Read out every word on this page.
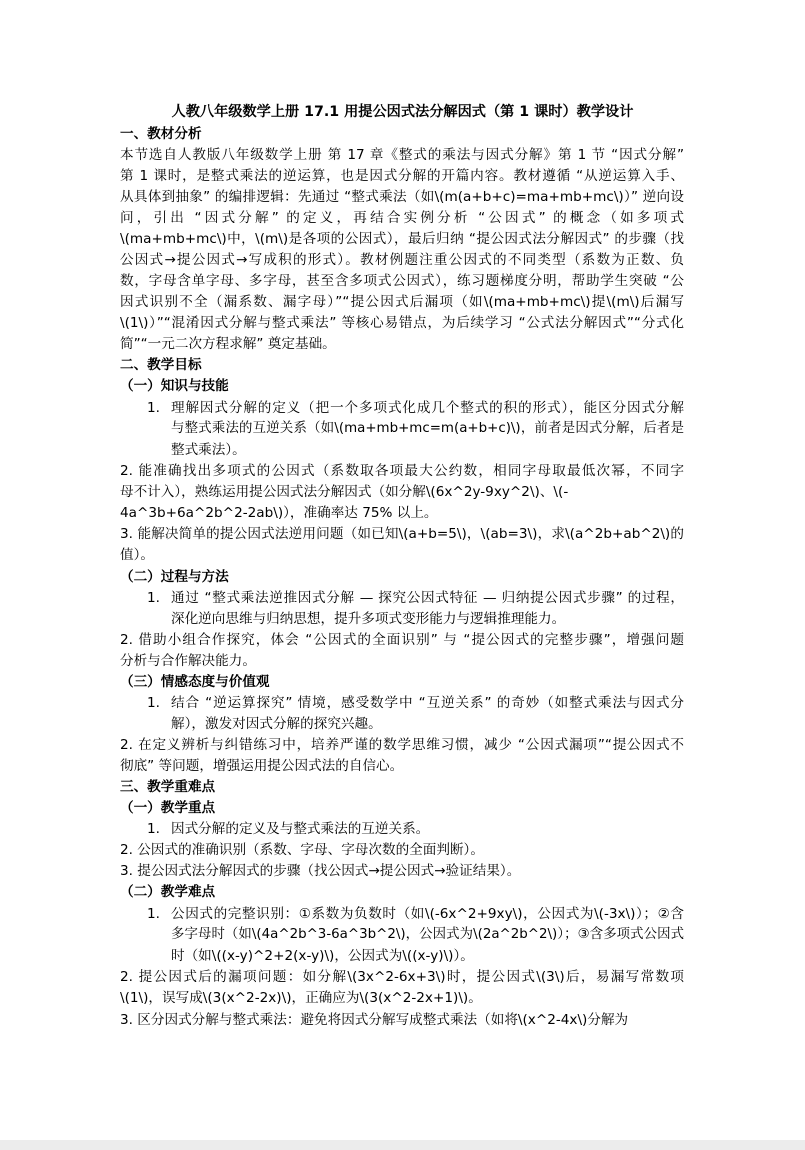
人教八年级数学上册 17.1 用提公因式法分解因式（第 1 课时）教学设计
一、教材分析
本节选自人教版八年级数学上册 第 17 章《整式的乘法与因式分解》第 1 节 “因式分解”
第 1 课时，是整式乘法的逆运算，也是因式分解的开篇内容。教材遵循 “从逆运算入手、
从具体到抽象” 的编排逻辑：先通过 “整式乘法（如\(m(a+b+c)=ma+mb+mc\)）” 逆向设
问，引出 “因式分解” 的定义，再结合实例分析 “公因式” 的概念（如多项式
\(ma+mb+mc\)中，\(m\)是各项的公因式），最后归纳 “提公因式法分解因式” 的步骤（找
公因式→提公因式→写成积的形式）。教材例题注重公因式的不同类型（系数为正数、负
数，字母含单字母、多字母，甚至含多项式公因式），练习题梯度分明，帮助学生突破 “公
因式识别不全（漏系数、漏字母）”“提公因式后漏项（如\(ma+mb+mc\)提\(m\)后漏写
\(1\)）”“混淆因式分解与整式乘法” 等核心易错点，为后续学习 “公式法分解因式”“分式化
简”“一元二次方程求解” 奠定基础。
二、教学目标
（一）知识与技能
1. 理解因式分解的定义（把一个多项式化成几个整式的积的形式），能区分因式分解
与整式乘法的互逆关系（如\(ma+mb+mc=m(a+b+c)\)，前者是因式分解，后者是
整式乘法）。
2. 能准确找出多项式的公因式（系数取各项最大公约数，相同字母取最低次幂，不同字
母不计入），熟练运用提公因式法分解因式（如分解\(6x^2y-9xy^2\)、\(-
4a^3b+6a^2b^2-2ab\)），准确率达 75% 以上。
3. 能解决简单的提公因式法逆用问题（如已知\(a+b=5\)，\(ab=3\)，求\(a^2b+ab^2\)的
值）。
（二）过程与方法
1. 通过 “整式乘法逆推因式分解 — 探究公因式特征 — 归纳提公因式步骤” 的过程，
深化逆向思维与归纳思想，提升多项式变形能力与逻辑推理能力。
2. 借助小组合作探究，体会 “公因式的全面识别” 与 “提公因式的完整步骤”，增强问题
分析与合作解决能力。
（三）情感态度与价值观
1. 结合 “逆运算探究” 情境，感受数学中 “互逆关系” 的奇妙（如整式乘法与因式分
解），激发对因式分解的探究兴趣。
2. 在定义辨析与纠错练习中，培养严谨的数学思维习惯，减少 “公因式漏项”“提公因式不
彻底” 等问题，增强运用提公因式法的自信心。
三、教学重难点
（一）教学重点
1. 因式分解的定义及与整式乘法的互逆关系。
2. 公因式的准确识别（系数、字母、字母次数的全面判断）。
3. 提公因式法分解因式的步骤（找公因式→提公因式→验证结果）。
（二）教学难点
1. 公因式的完整识别：①系数为负数时（如\(-6x^2+9xy\)，公因式为\(-3x\)）；②含
多字母时（如\(4a^2b^3-6a^3b^2\)，公因式为\(2a^2b^2\)）；③含多项式公因式
时（如\((x-y)^2+2(x-y)\)，公因式为\((x-y)\)）。
2. 提公因式后的漏项问题：如分解\(3x^2-6x+3\)时，提公因式\(3\)后，易漏写常数项
\(1\)，误写成\(3(x^2-2x)\)，正确应为\(3(x^2-2x+1)\)。
3. 区分因式分解与整式乘法：避免将因式分解写成整式乘法（如将\(x^2-4x\)分解为
